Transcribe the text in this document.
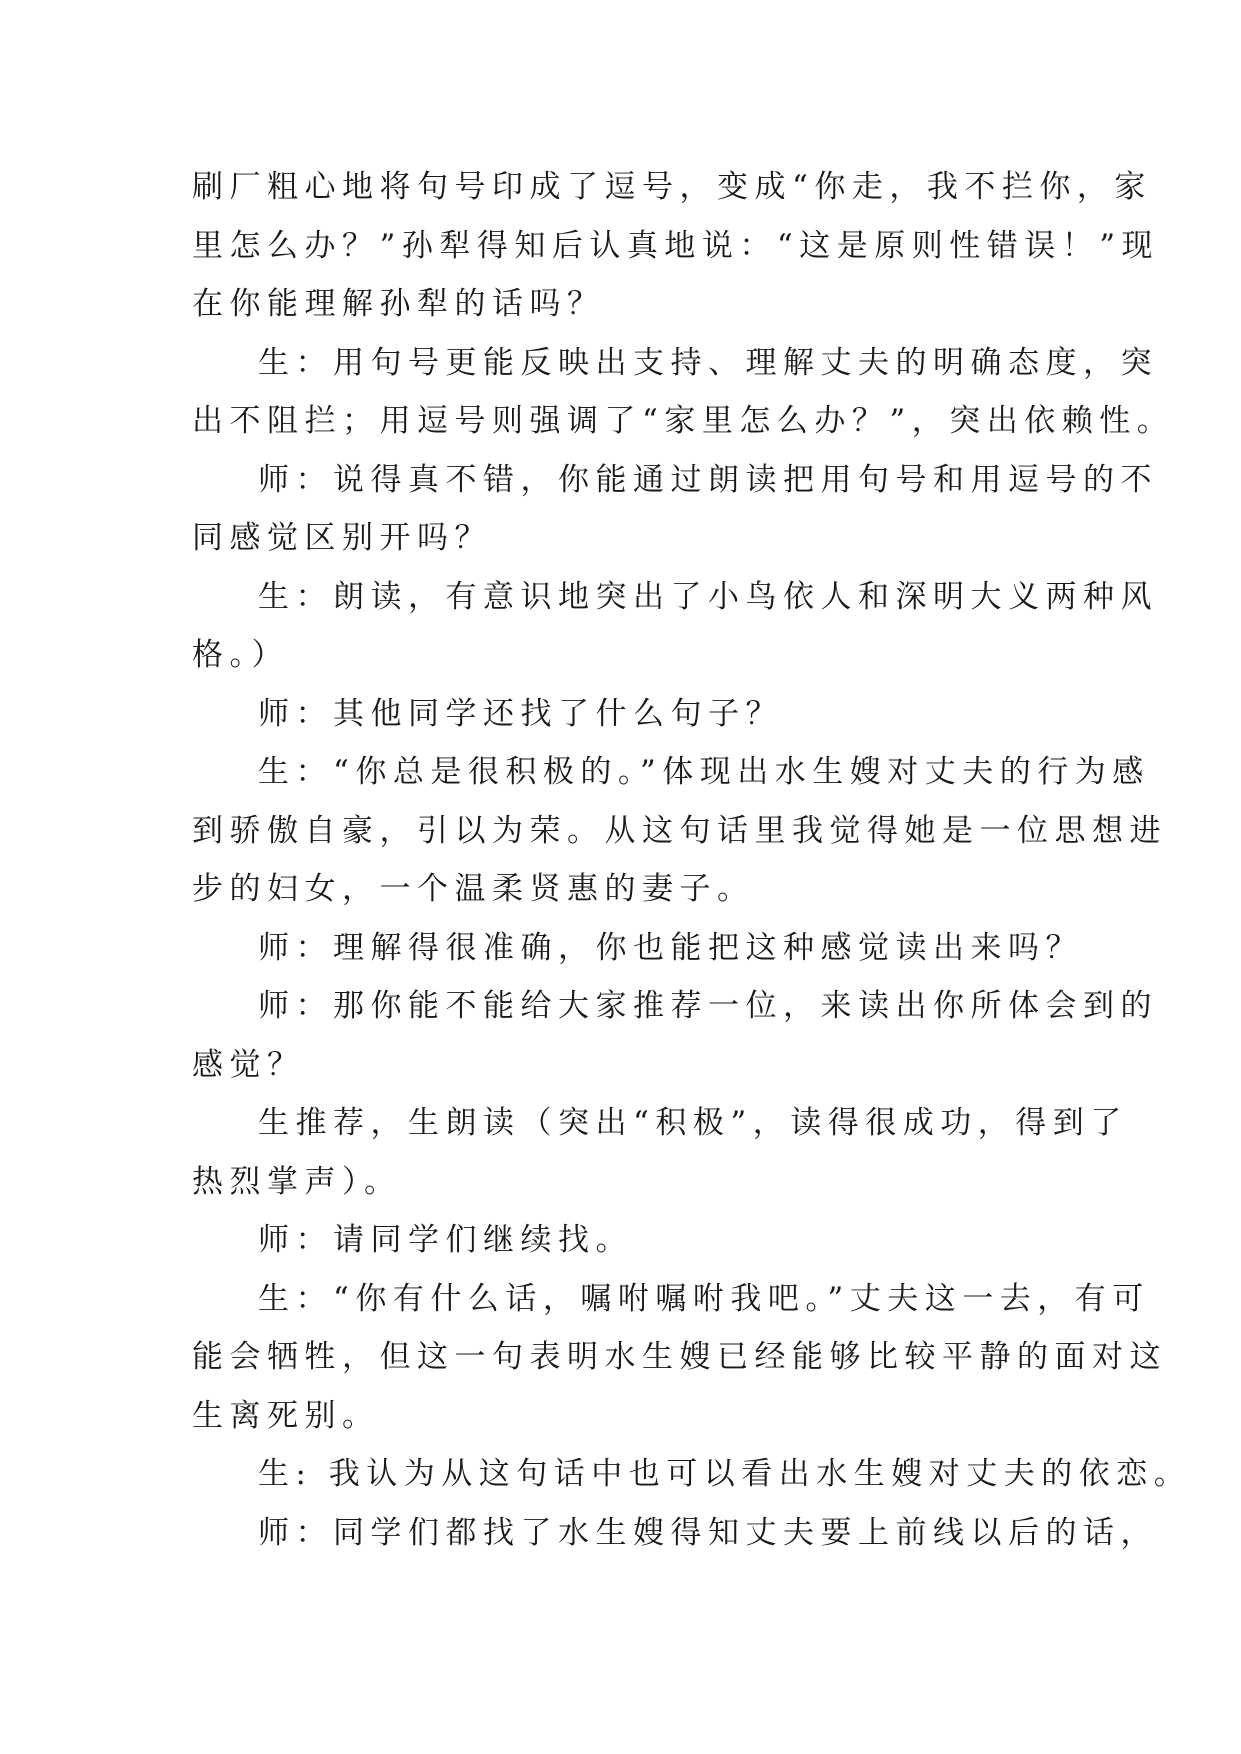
刷厂粗心地将句号印成了逗号，变成“你走，我不拦你，家
里怎么办？”孙犁得知后认真地说：“这是原则性错误！”现
在你能理解孙犁的话吗？

生：用句号更能反映出支持、理解丈夫的明确态度，突
出不阻拦；用逗号则强调了“家里怎么办？”，突出依赖性。

师：说得真不错，你能通过朗读把用句号和用逗号的不
同感觉区别开吗？

生：朗读，有意识地突出了小鸟依人和深明大义两种风
格。）

师：其他同学还找了什么句子？

生：“你总是很积极的。”体现出水生嫂对丈夫的行为感
到骄傲自豪，引以为荣。从这句话里我觉得她是一位思想进
步的妇女，一个温柔贤惠的妻子。

师：理解得很准确，你也能把这种感觉读出来吗？

师：那你能不能给大家推荐一位，来读出你所体会到的
感觉？

生推荐，生朗读（突出“积极”，读得很成功，得到了
热烈掌声）。

师：请同学们继续找。

生：“你有什么话，嘱咐嘱咐我吧。”丈夫这一去，有可
能会牺牲，但这一句表明水生嫂已经能够比较平静的面对这
生离死别。

生: 我认为从这句话中也可以看出水生嫂对丈夫的依恋。

师：同学们都找了水生嫂得知丈夫要上前线以后的话，
